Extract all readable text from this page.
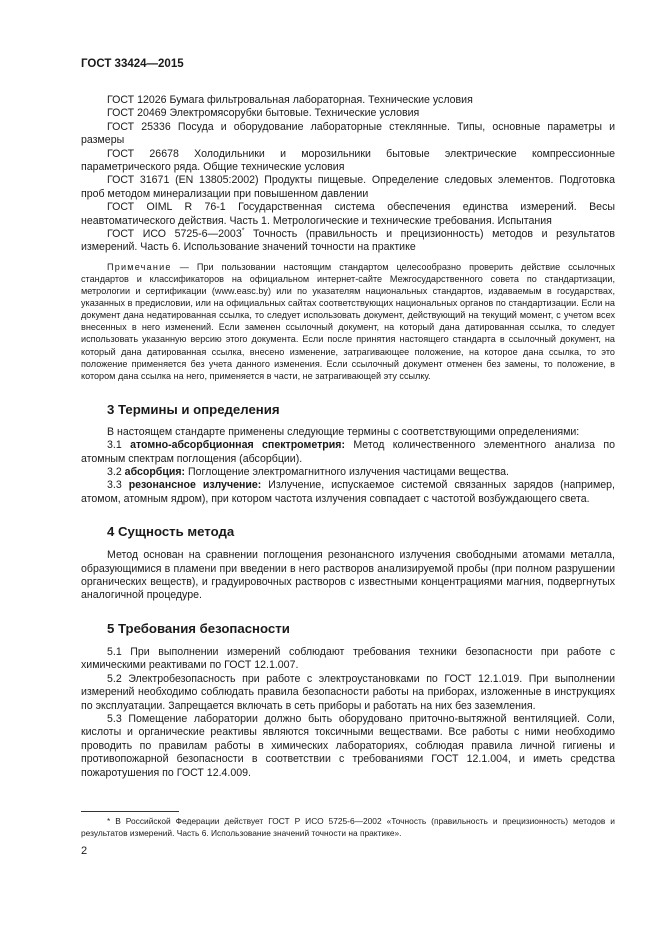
ГОСТ 33424—2015

ГОСТ 12026 Бумага фильтровальная лабораторная. Технические условия

ГОСТ 20469 Электромясорубки бытовые. Технические условия

ГОСТ 25336 Посуда и оборудование лабораторные стеклянные. Типы, основные параметры и размеры

ГОСТ 26678 Холодильники и морозильники бытовые электрические компрессионные параметрического ряда. Общие технические условия

ГОСТ 31671 (EN 13805:2002) Продукты пищевые. Определение следовых элементов. Подготовка проб методом минерализации при повышенном давлении

ГОСТ OIML R 76-1 Государственная система обеспечения единства измерений. Весы неавтоматического действия. Часть 1. Метрологические и технические требования. Испытания

ГОСТ ИСО 5725-6—2003* Точность (правильность и прецизионность) методов и результатов измерений. Часть 6. Использование значений точности на практике

Примечание — При пользовании настоящим стандартом целесообразно проверить действие ссылочных стандартов и классификаторов на официальном интернет-сайте Межгосударственного совета по стандартизации, метрологии и сертификации (www.easc.by) или по указателям национальных стандартов, издаваемым в государствах, указанных в предисловии, или на официальных сайтах соответствующих национальных органов по стандартизации. Если на документ дана недатированная ссылка, то следует использовать документ, действующий на текущий момент, с учетом всех внесенных в него изменений. Если заменен ссылочный документ, на который дана датированная ссылка, то следует использовать указанную версию этого документа. Если после принятия настоящего стандарта в ссылочный документ, на который дана датированная ссылка, внесено изменение, затрагивающее положение, на которое дана ссылка, то это положение применяется без учета данного изменения. Если ссылочный документ отменен без замены, то положение, в котором дана ссылка на него, применяется в части, не затрагивающей эту ссылку.
3 Термины и определения

В настоящем стандарте применены следующие термины с соответствующими определениями:

3.1 атомно-абсорбционная спектрометрия: Метод количественного элементного анализа по атомным спектрам поглощения (абсорбции).

3.2 абсорбция: Поглощение электромагнитного излучения частицами вещества.

3.3 резонансное излучение: Излучение, испускаемое системой связанных зарядов (например, атомом, атомным ядром), при котором частота излучения совпадает с частотой возбуждающего света.

4 Сущность метода

Метод основан на сравнении поглощения резонансного излучения свободными атомами металла, образующимися в пламени при введении в него растворов анализируемой пробы (при полном разрушении органических веществ), и градуировочных растворов с известными концентрациями магния, подвергнутых аналогичной процедуре.

5 Требования безопасности

5.1 При выполнении измерений соблюдают требования техники безопасности при работе с химическими реактивами по ГОСТ 12.1.007.

5.2 Электробезопасность при работе с электроустановками по ГОСТ 12.1.019. При выполнении измерений необходимо соблюдать правила безопасности работы на приборах, изложенные в инструкциях по эксплуатации. Запрещается включать в сеть приборы и работать на них без заземления.

5.3 Помещение лаборатории должно быть оборудовано приточно-вытяжной вентиляцией. Соли, кислоты и органические реактивы являются токсичными веществами. Все работы с ними необходимо проводить по правилам работы в химических лабораториях, соблюдая правила личной гигиены и противопожарной безопасности в соответствии с требованиями ГОСТ 12.1.004, и иметь средства пожаротушения по ГОСТ 12.4.009.

* В Российской Федерации действует ГОСТ Р ИСО 5725-6—2002 «Точность (правильность и прецизионность) методов и результатов измерений. Часть 6. Использование значений точности на практике».
2
